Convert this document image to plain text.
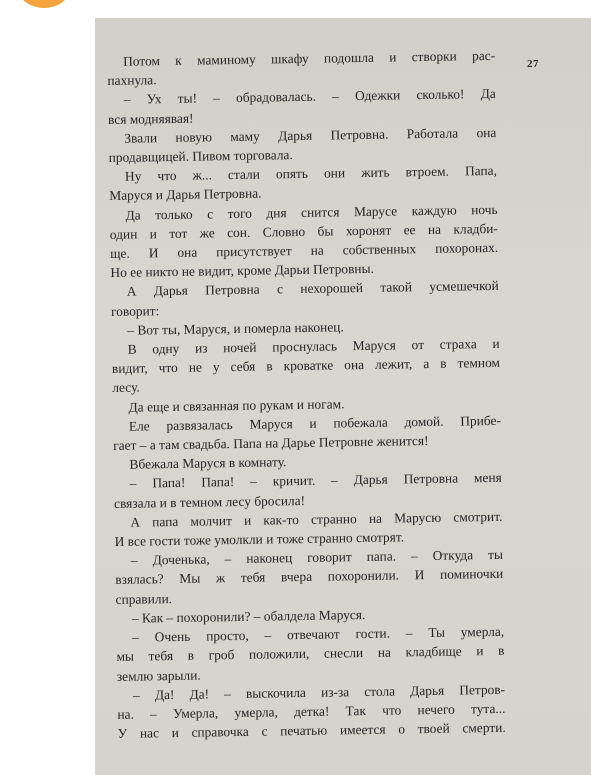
27
Потом к маминому шкафу подошла и створки рас-
пахнула.
– Ух ты! – обрадовалась. – Одежки сколько! Да
вся модняявая!
Звали новую маму Дарья Петровна. Работала она
продавщицей. Пивом торговала.
Ну что ж... стали опять они жить втроем. Папа,
Маруся и Дарья Петровна.
Да только с того дня снится Марусе каждую ночь
один и тот же сон. Словно бы хоронят ее на кладби-
ще. И она присутствует на собственных похоронах.
Но ее никто не видит, кроме Дарьи Петровны.
А Дарья Петровна с нехорошей такой усмешечкой
говорит:
– Вот ты, Маруся, и померла наконец.
В одну из ночей проснулась Маруся от страха и
видит, что не у себя в кроватке она лежит, а в темном
лесу.
Да еще и связанная по рукам и ногам.
Еле развязалась Маруся и побежала домой. Прибе-
гает – а там свадьба. Папа на Дарье Петровне женится!
Вбежала Маруся в комнату.
– Папа! Папа! – кричит. – Дарья Петровна меня
связала и в темном лесу бросила!
А папа молчит и как-то странно на Марусю смотрит.
И все гости тоже умолкли и тоже странно смотрят.
– Доченька, – наконец говорит папа. – Откуда ты
взялась? Мы ж тебя вчера похоронили. И поминочки
справили.
– Как – похоронили? – обалдела Маруся.
– Очень просто, – отвечают гости. – Ты умерла,
мы тебя в гроб положили, снесли на кладбище и в
землю зарыли.
– Да! Да! – выскочила из-за стола Дарья Петров-
на. – Умерла, умерла, детка! Так что нечего тута...
У нас и справочка с печатью имеется о твоей смерти.
